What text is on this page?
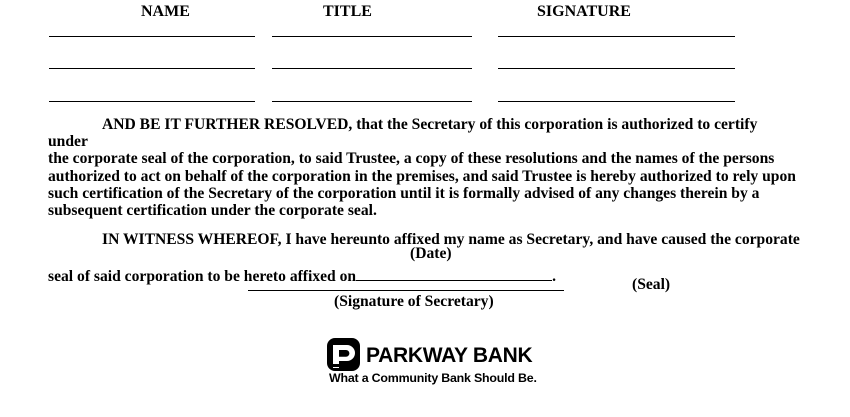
NAME	TITLE	SIGNATURE

AND BE IT FURTHER RESOLVED, that the Secretary of this corporation is authorized to certify under
the corporate seal of the corporation, to said Trustee, a copy of these resolutions and the names of the persons
authorized to act on behalf of the corporation in the premises, and said Trustee is hereby authorized to rely upon
such certification of the Secretary of the corporation until it is formally advised of any changes therein by a
subsequent certification under the corporate seal.

IN WITNESS WHEREOF, I have hereunto affixed my name as Secretary, and have caused the corporate

seal of said corporation to be hereto affixed on	.

(Date)
(Seal)
(Signature of Secretary)
PARKWAY BANK
What a Community Bank Should Be.
